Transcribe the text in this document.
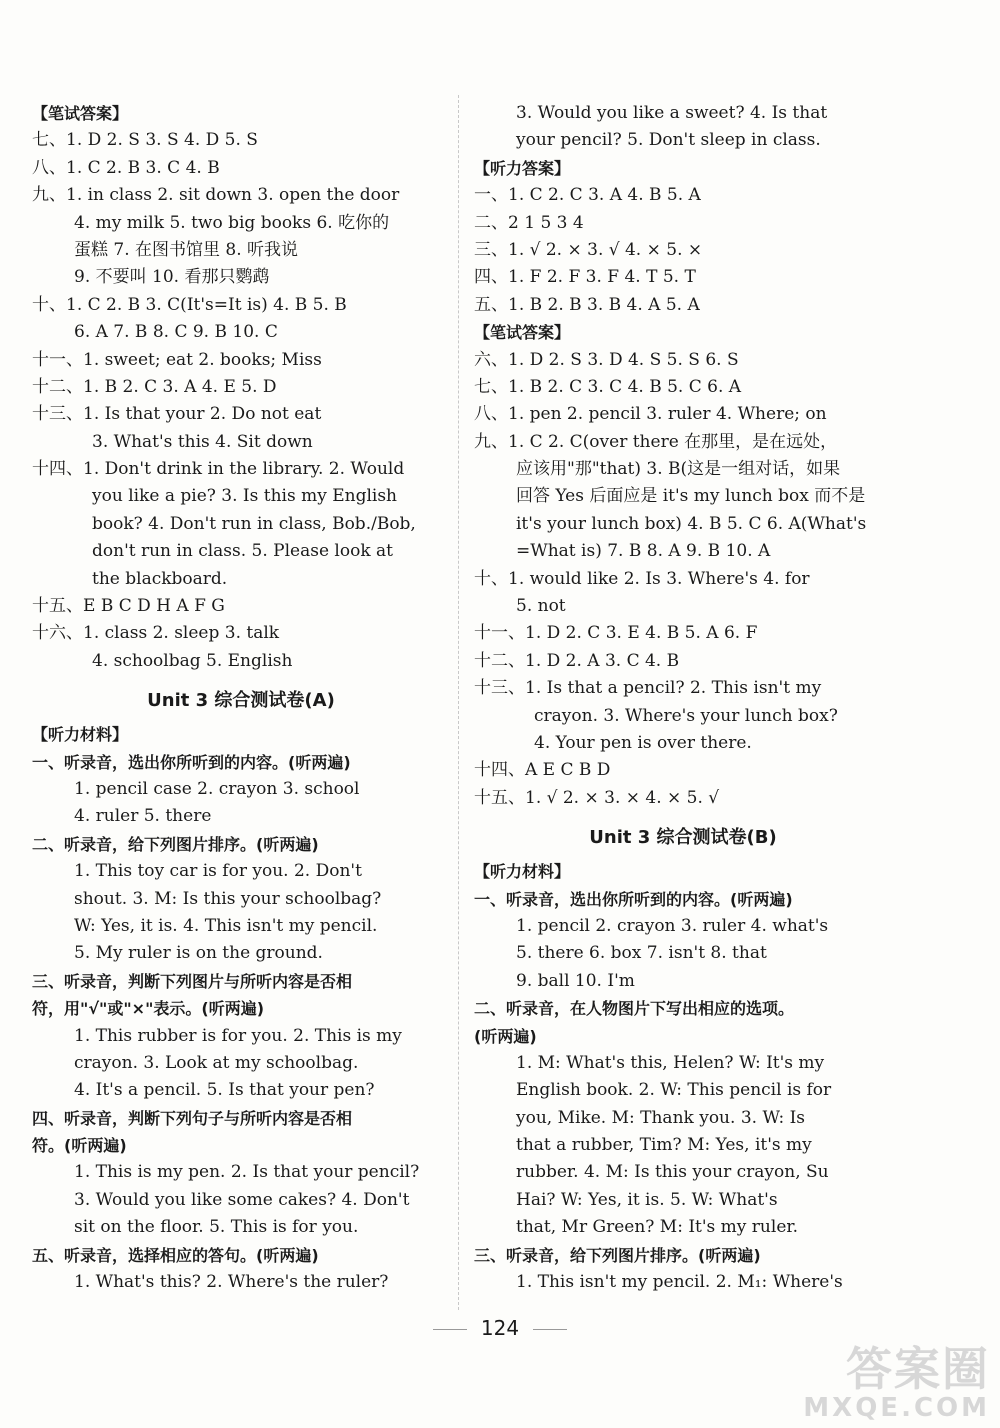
【笔试答案】
七、1. D 2. S 3. S 4. D 5. S
八、1. C 2. B 3. C 4. B
九、1. in class 2. sit down 3. open the door
4. my milk 5. two big books 6. 吃你的
蛋糕 7. 在图书馆里 8. 听我说
9. 不要叫 10. 看那只鹦鹉
十、1. C 2. B 3. C(It's=It is) 4. B 5. B
6. A 7. B 8. C 9. B 10. C
十一、1. sweet; eat 2. books; Miss
十二、1. B 2. C 3. A 4. E 5. D
十三、1. Is that your 2. Do not eat
3. What's this 4. Sit down
十四、1. Don't drink in the library. 2. Would
you like a pie? 3. Is this my English
book? 4. Don't run in class, Bob./Bob,
don't run in class. 5. Please look at
the blackboard.
十五、E B C D H A F G
十六、1. class 2. sleep 3. talk
4. schoolbag 5. English
Unit 3 综合测试卷(A)
【听力材料】
一、听录音，选出你所听到的内容。(听两遍)
1. pencil case 2. crayon 3. school
4. ruler 5. there
二、听录音，给下列图片排序。(听两遍)
1. This toy car is for you. 2. Don't
shout. 3. M: Is this your schoolbag?
W: Yes, it is. 4. This isn't my pencil.
5. My ruler is on the ground.
三、听录音，判断下列图片与所听内容是否相
符，用"√"或"×"表示。(听两遍)
1. This rubber is for you. 2. This is my
crayon. 3. Look at my schoolbag.
4. It's a pencil. 5. Is that your pen?
四、听录音，判断下列句子与所听内容是否相
符。(听两遍)
1. This is my pen. 2. Is that your pencil?
3. Would you like some cakes? 4. Don't
sit on the floor. 5. This is for you.
五、听录音，选择相应的答句。(听两遍)
1. What's this? 2. Where's the ruler?
3. Would you like a sweet? 4. Is that
your pencil? 5. Don't sleep in class.
【听力答案】
一、1. C 2. C 3. A 4. B 5. A
二、2 1 5 3 4
三、1. √ 2. × 3. √ 4. × 5. ×
四、1. F 2. F 3. F 4. T 5. T
五、1. B 2. B 3. B 4. A 5. A
【笔试答案】
六、1. D 2. S 3. D 4. S 5. S 6. S
七、1. B 2. C 3. C 4. B 5. C 6. A
八、1. pen 2. pencil 3. ruler 4. Where; on
九、1. C 2. C(over there 在那里，是在远处，
应该用"那"that) 3. B(这是一组对话，如果
回答 Yes 后面应是 it's my lunch box 而不是
it's your lunch box) 4. B 5. C 6. A(What's
=What is) 7. B 8. A 9. B 10. A
十、1. would like 2. Is 3. Where's 4. for
5. not
十一、1. D 2. C 3. E 4. B 5. A 6. F
十二、1. D 2. A 3. C 4. B
十三、1. Is that a pencil? 2. This isn't my
crayon. 3. Where's your lunch box?
4. Your pen is over there.
十四、A E C B D
十五、1. √ 2. × 3. × 4. × 5. √
Unit 3 综合测试卷(B)
【听力材料】
一、听录音，选出你所听到的内容。(听两遍)
1. pencil 2. crayon 3. ruler 4. what's
5. there 6. box 7. isn't 8. that
9. ball 10. I'm
二、听录音，在人物图片下写出相应的选项。
(听两遍)
1. M: What's this, Helen? W: It's my
English book. 2. W: This pencil is for
you, Mike. M: Thank you. 3. W: Is
that a rubber, Tim? M: Yes, it's my
rubber. 4. M: Is this your crayon, Su
Hai? W: Yes, it is. 5. W: What's
that, Mr Green? M: It's my ruler.
三、听录音，给下列图片排序。(听两遍)
1. This isn't my pencil. 2. M₁: Where's
124
答案圈
MXQE.COM
